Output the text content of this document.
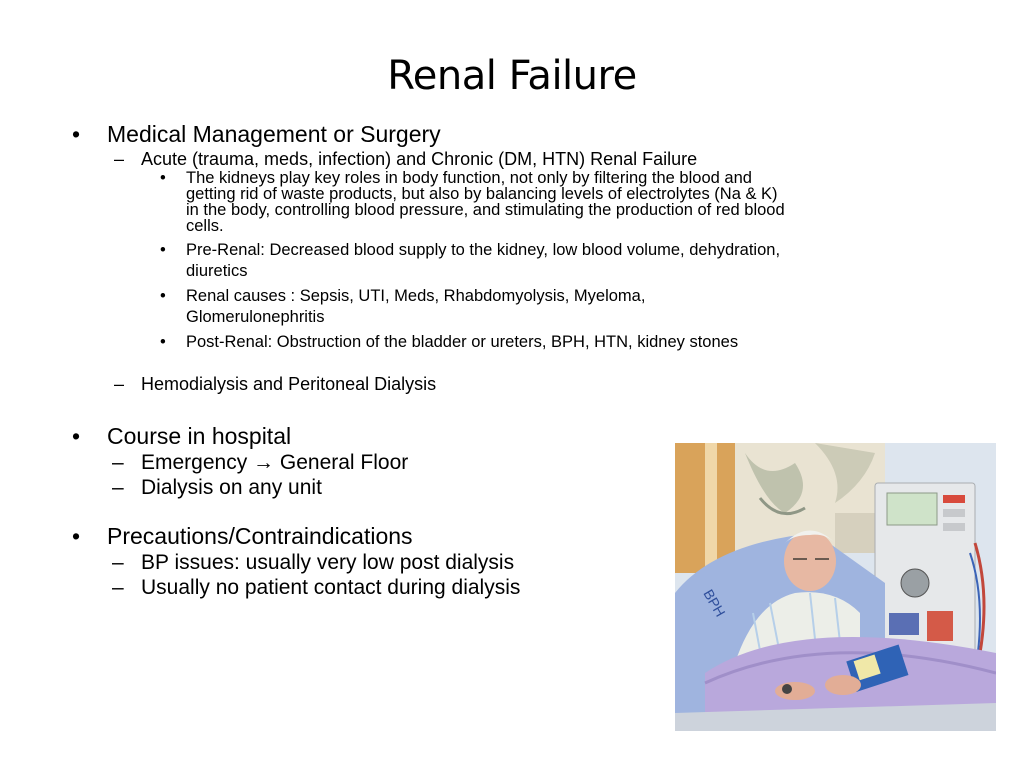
Renal Failure
• Medical Management or Surgery
– Acute (trauma, meds, infection) and Chronic (DM, HTN) Renal Failure
• The kidneys play key roles in body function, not only by filtering the blood and
getting rid of waste products, but also by balancing levels of electrolytes (Na & K)
in the body, controlling blood pressure, and stimulating the production of red blood
cells.
• Pre-Renal: Decreased blood supply to the kidney, low blood volume, dehydration,
diuretics
• Renal causes : Sepsis, UTI, Meds, Rhabdomyolysis, Myeloma,
Glomerulonephritis
• Post-Renal: Obstruction of the bladder or ureters, BPH, HTN, kidney stones
– Hemodialysis and Peritoneal Dialysis
• Course in hospital
– Emergency → General Floor
– Dialysis on any unit
• Precautions/Contraindications
– BP issues: usually very low post dialysis
– Usually no patient contact during dialysis	BPH
